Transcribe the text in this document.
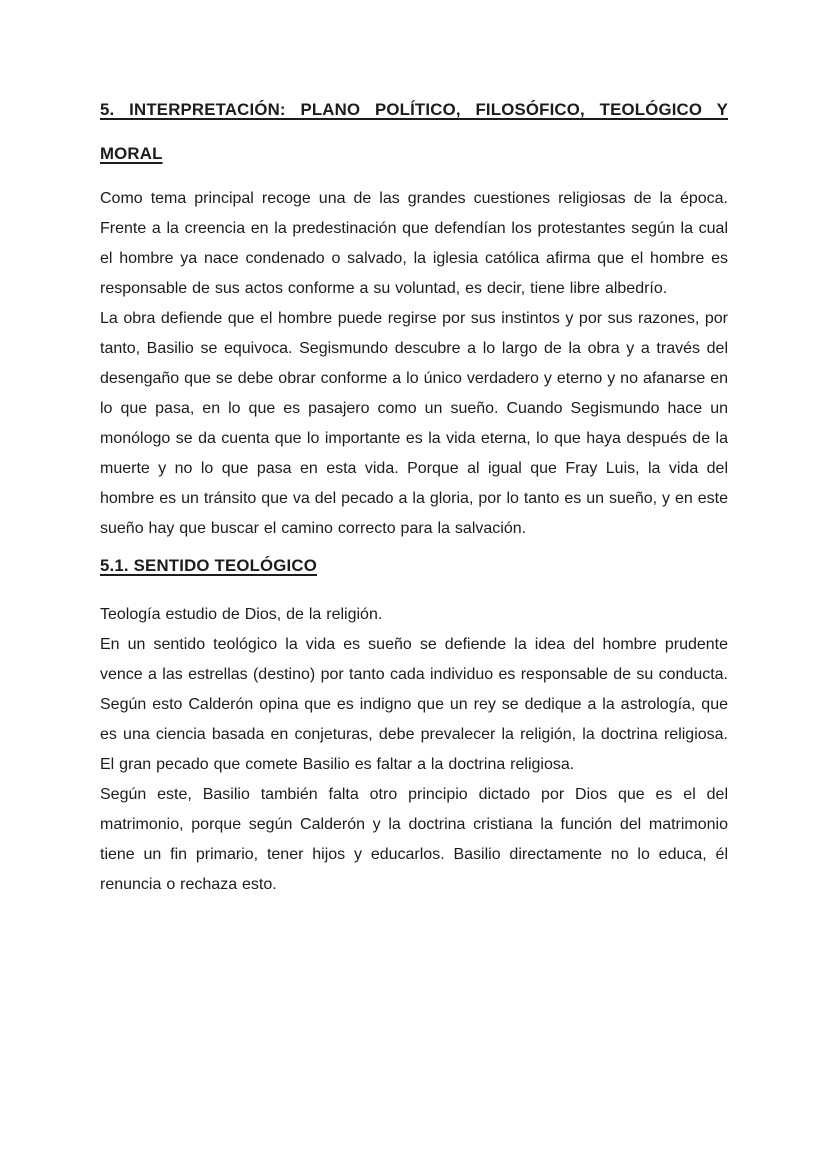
5. INTERPRETACIÓN: PLANO POLÍTICO, FILOSÓFICO, TEOLÓGICO Y
MORAL

Como tema principal recoge una de las grandes cuestiones religiosas de la época. Frente a la creencia en la predestinación que defendían los protestantes según la cual el hombre ya nace condenado o salvado, la iglesia católica afirma que el hombre es responsable de sus actos conforme a su voluntad, es decir, tiene libre albedrío.

La obra defiende que el hombre puede regirse por sus instintos y por sus razones, por tanto, Basilio se equivoca. Segismundo descubre a lo largo de la obra y a través del desengaño que se debe obrar conforme a lo único verdadero y eterno y no afanarse en lo que pasa, en lo que es pasajero como un sueño. Cuando Segismundo hace un monólogo se da cuenta que lo importante es la vida eterna, lo que haya después de la muerte y no lo que pasa en esta vida. Porque al igual que Fray Luis, la vida del hombre es un tránsito que va del pecado a la gloria, por lo tanto es un sueño, y en este sueño hay que buscar el camino correcto para la salvación.

5.1. SENTIDO TEOLÓGICO

Teología estudio de Dios, de la religión.

En un sentido teológico la vida es sueño se defiende la idea del hombre prudente vence a las estrellas (destino) por tanto cada individuo es responsable de su conducta. Según esto Calderón opina que es indigno que un rey se dedique a la astrología, que es una ciencia basada en conjeturas, debe prevalecer la religión, la doctrina religiosa. El gran pecado que comete Basilio es faltar a la doctrina religiosa.

Según este, Basilio también falta otro principio dictado por Dios que es el del matrimonio, porque según Calderón y la doctrina cristiana la función del matrimonio tiene un fin primario, tener hijos y educarlos. Basilio directamente no lo educa, él renuncia o rechaza esto.
